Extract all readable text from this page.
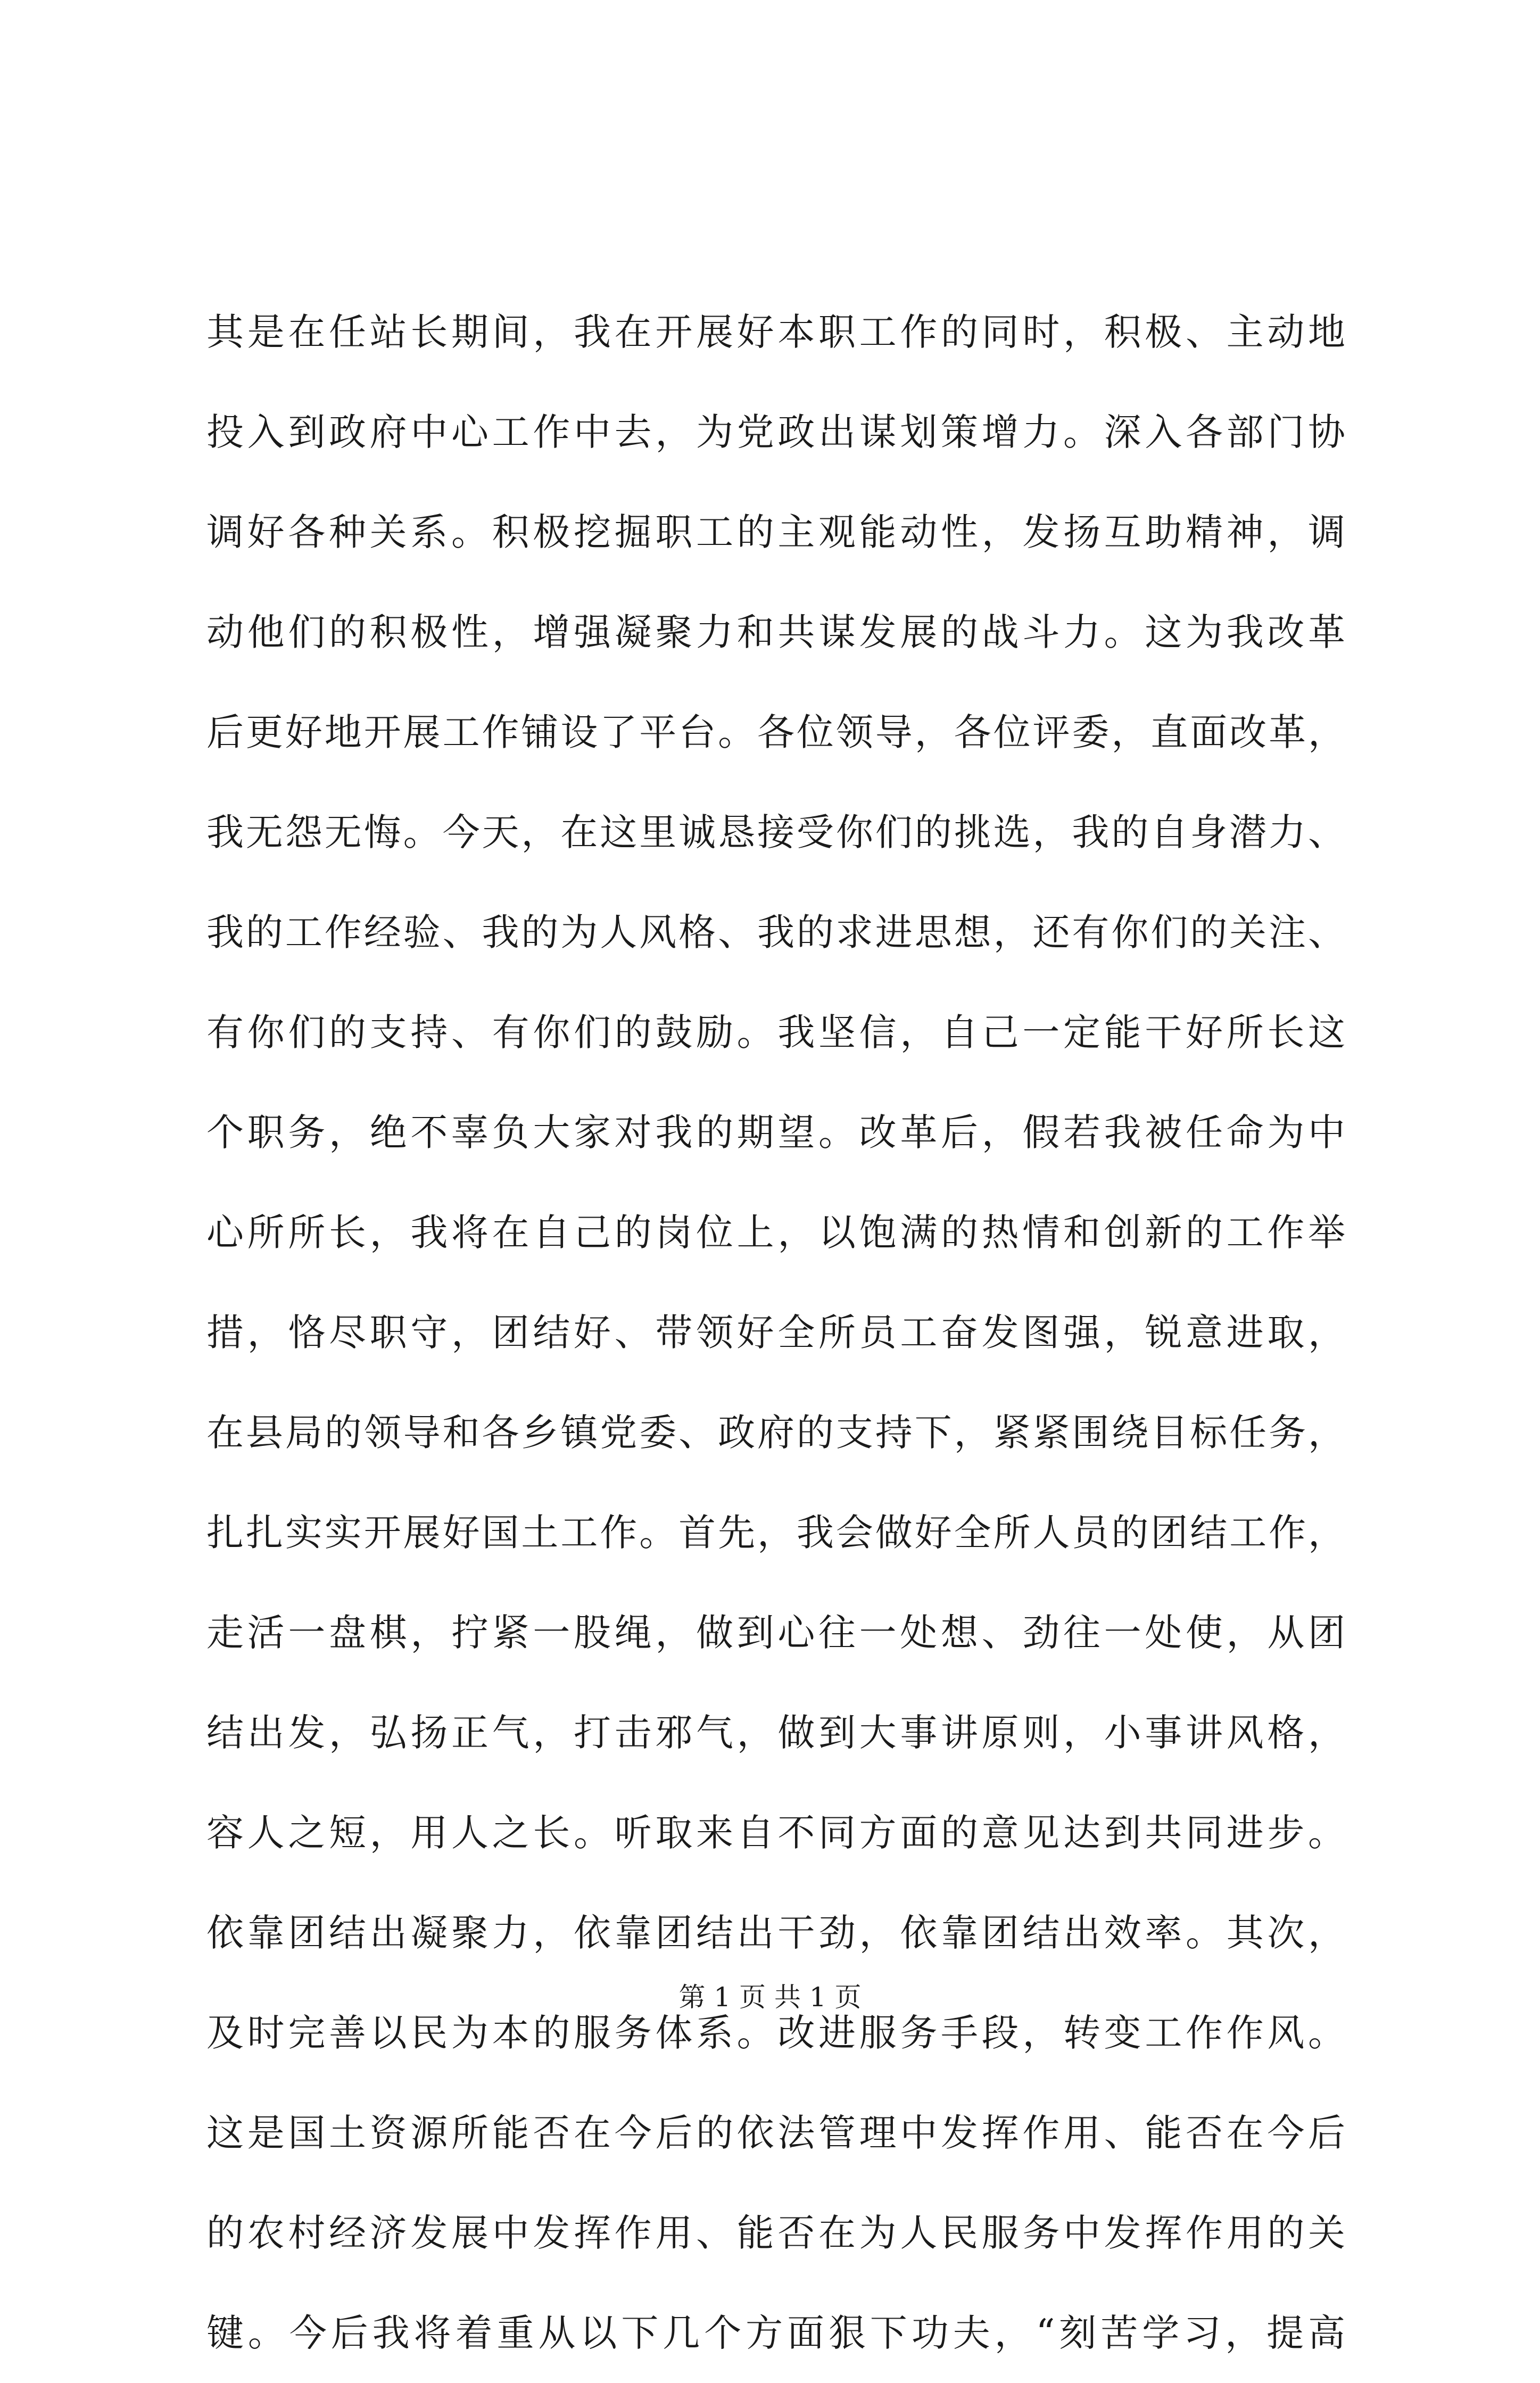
其是在任站长期间，我在开展好本职工作的同时，积极、主动地
投入到政府中心工作中去，为党政出谋划策增力。深入各部门协
调好各种关系。积极挖掘职工的主观能动性，发扬互助精神，调
动他们的积极性，增强凝聚力和共谋发展的战斗力。这为我改革
后更好地开展工作铺设了平台。各位领导，各位评委，直面改革，
我无怨无悔。今天，在这里诚恳接受你们的挑选，我的自身潜力、
我的工作经验、我的为人风格、我的求进思想，还有你们的关注、
有你们的支持、有你们的鼓励。我坚信，自己一定能干好所长这
个职务，绝不辜负大家对我的期望。改革后，假若我被任命为中
心所所长，我将在自己的岗位上，以饱满的热情和创新的工作举
措，恪尽职守，团结好、带领好全所员工奋发图强，锐意进取，
在县局的领导和各乡镇党委、政府的支持下，紧紧围绕目标任务，
扎扎实实开展好国土工作。首先，我会做好全所人员的团结工作，
走活一盘棋，拧紧一股绳，做到心往一处想、劲往一处使，从团
结出发，弘扬正气，打击邪气，做到大事讲原则，小事讲风格，
容人之短，用人之长。听取来自不同方面的意见达到共同进步。
依靠团结出凝聚力，依靠团结出干劲，依靠团结出效率。其次，
及时完善以民为本的服务体系。改进服务手段，转变工作作风。
这是国土资源所能否在今后的依法管理中发挥作用、能否在今后
的农村经济发展中发挥作用、能否在为人民服务中发挥作用的关
键。今后我将着重从以下几个方面狠下功夫，“刻苦学习，提高
第 1 页 共 1 页
